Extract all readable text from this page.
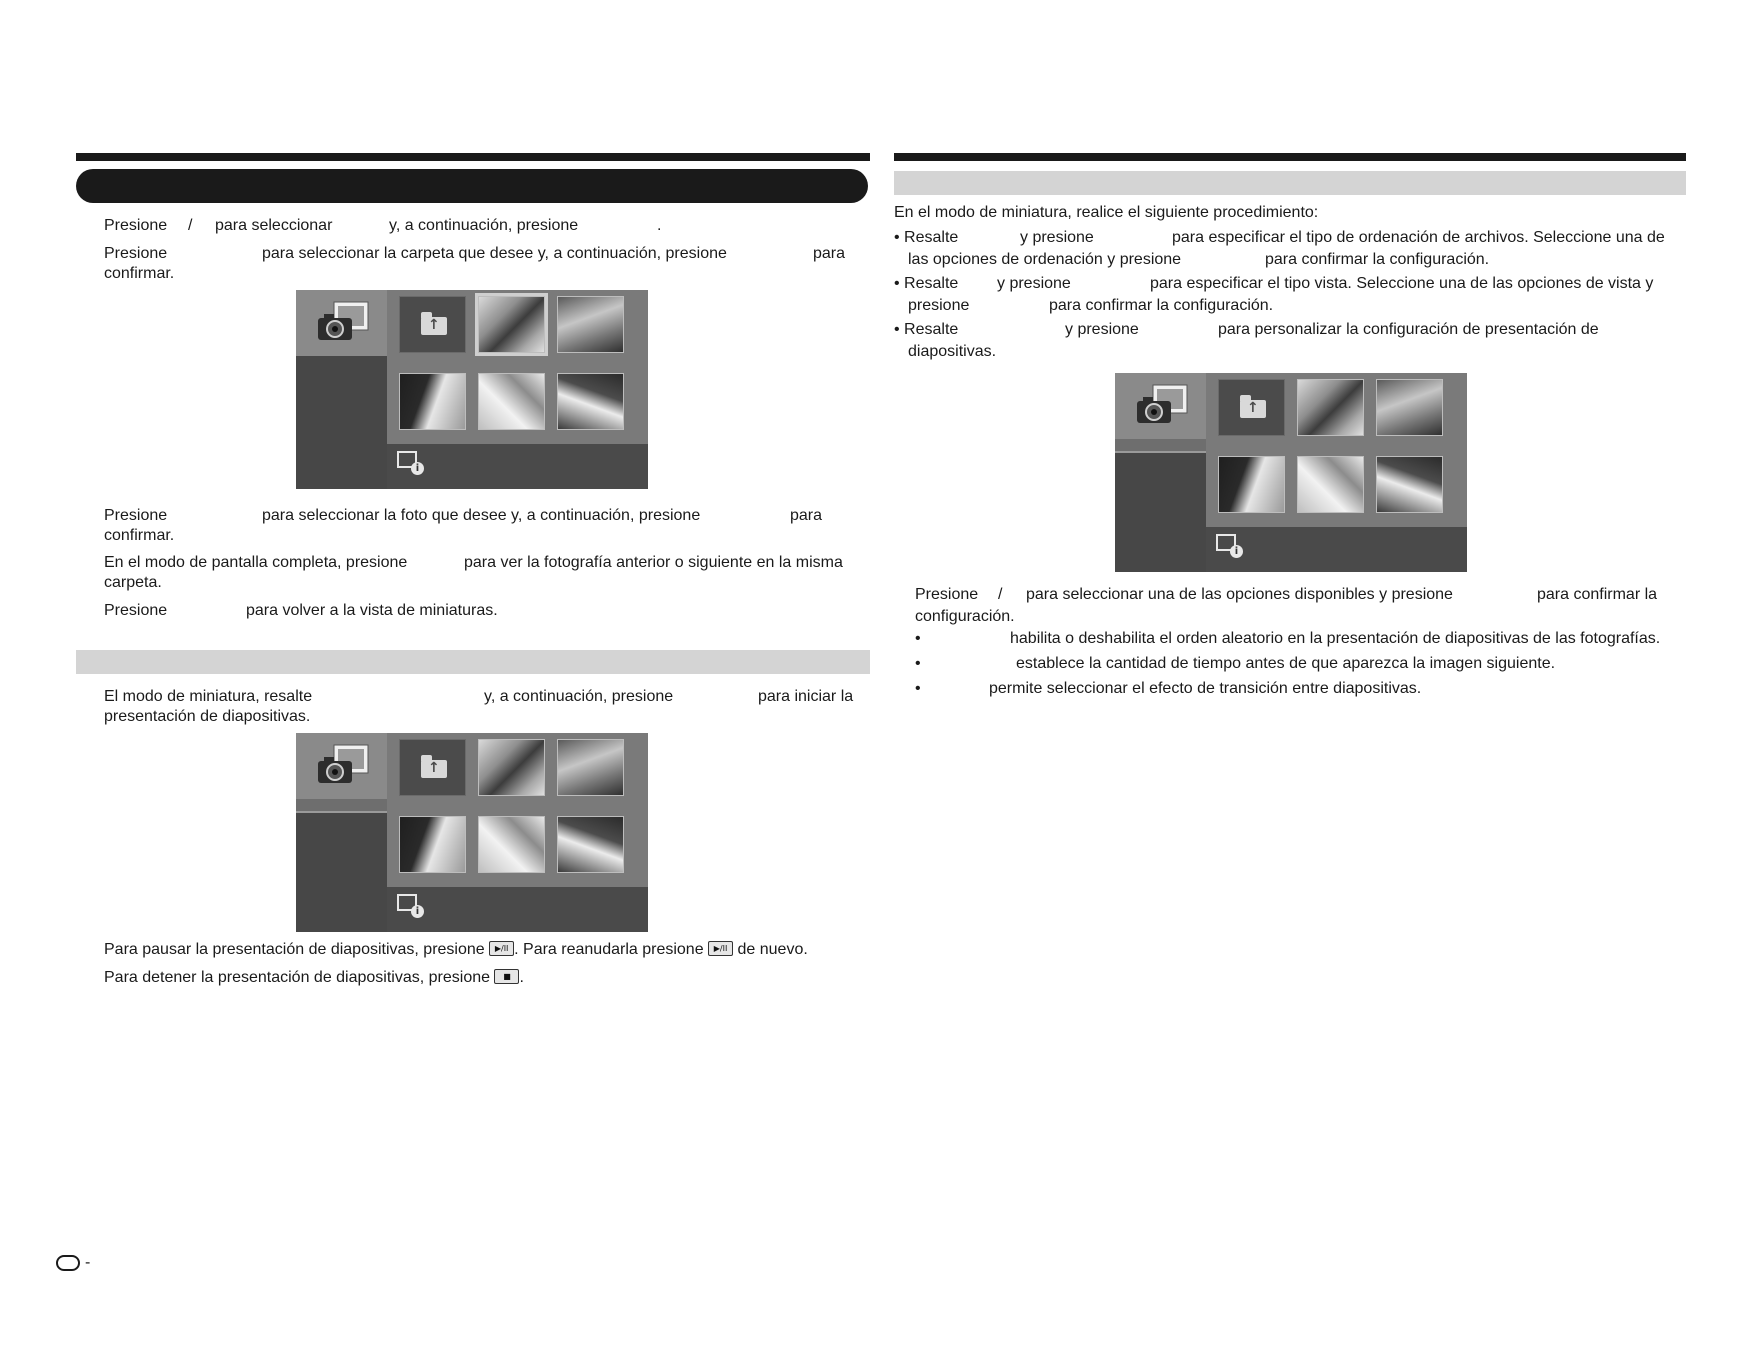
Presione / para seleccionar	y, a continuación, presione	.
Presione	para seleccionar la carpeta que desee y, a continuación, presione	para
confirmar.
↑
i
Presione	para seleccionar la foto que desee y, a continuación, presione	para
confirmar.
En el modo de pantalla completa, presione	para ver la fotografía anterior o siguiente en la misma
carpeta.
Presione	para volver a la vista de miniaturas.
El modo de miniatura, resalte	y, a continuación, presione	para iniciar la
presentación de diapositivas.
↑
i
Para pausar la presentación de diapositivas, presione ▶/II . Para reanudarla presione ▶/II de nuevo.
Para detener la presentación de diapositivas, presione ■ .
En el modo de miniatura, realice el siguiente procedimiento:
• Resalte	y presione	para especificar el tipo de ordenación de archivos. Seleccione una de
las opciones de ordenación y presione	para confirmar la configuración.
• Resalte y presione	para especificar el tipo vista. Seleccione una de las opciones de vista y
presione	para confirmar la configuración.
• Resalte	y presione	para personalizar la configuración de presentación de
diapositivas.
↑
i
Presione / para seleccionar una de las opciones disponibles y presione	para confirmar la
configuración.
•	habilita o deshabilita el orden aleatorio en la presentación de diapositivas de las fotografías.
•	establece la cantidad de tiempo antes de que aparezca la imagen siguiente.
•	permite seleccionar el efecto de transición entre diapositivas.
-
